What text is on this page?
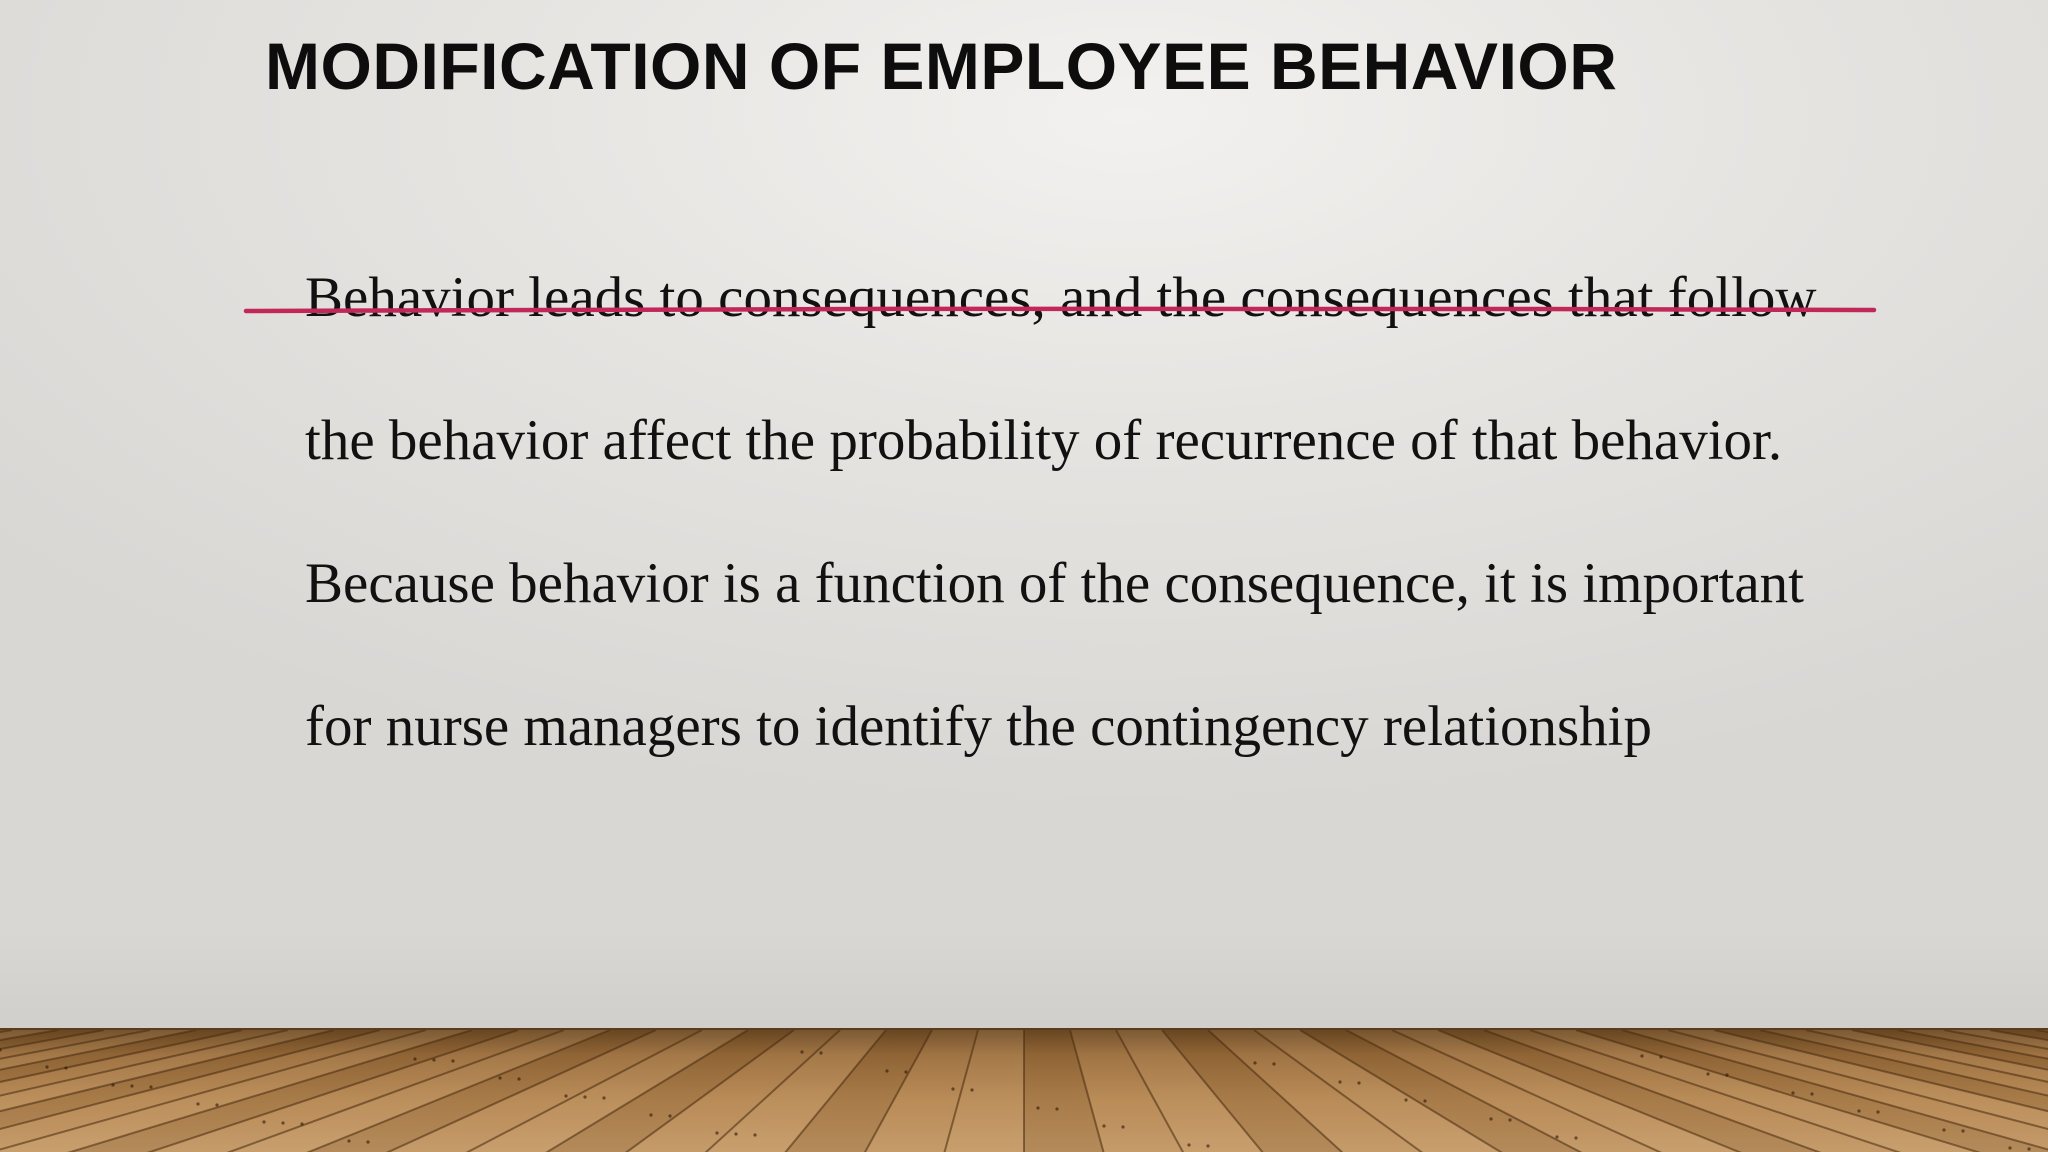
MODIFICATION OF EMPLOYEE BEHAVIOR
Behavior leads to consequences, and the consequences that follow
the behavior affect the probability of recurrence of that behavior.
Because behavior is a function of the consequence, it is important
for nurse managers to identify the contingency relationship
